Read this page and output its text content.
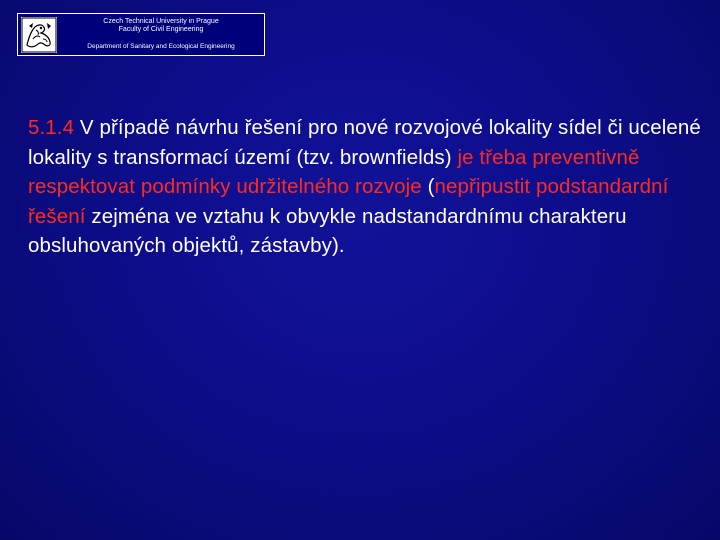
Czech Technical University in Prague
Faculty of Civil Engineering
Department of Sanitary and Ecological Engineering
5.1.4 V případě návrhu řešení pro nové rozvojové lokality sídel či ucelené lokality s transformací území (tzv. brownfields) je třeba preventivně respektovat podmínky udržitelného rozvoje (nepřipustit podstandardní řešení zejména ve vztahu k obvykle nadstandardnímu charakteru obsluhovaných objektů, zástavby).
